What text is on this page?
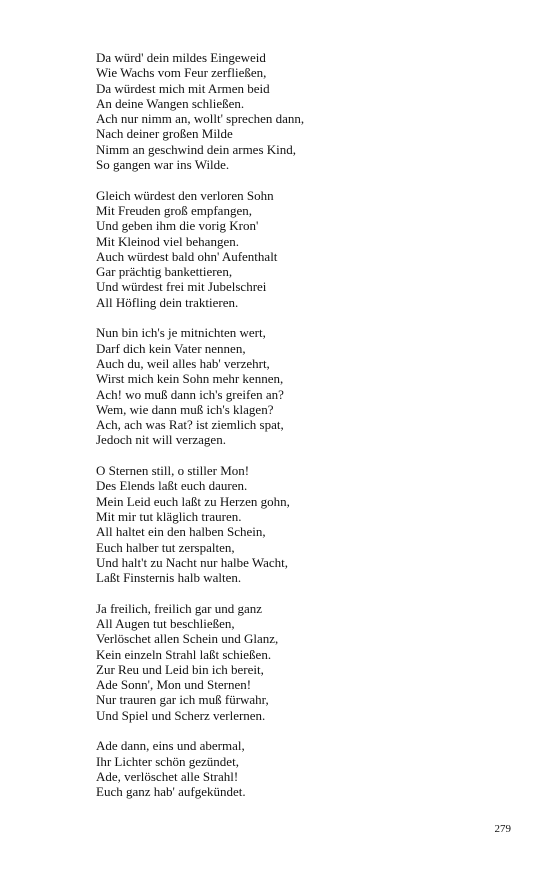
Da würd' dein mildes Eingeweid
Wie Wachs vom Feur zerfließen,
Da würdest mich mit Armen beid
An deine Wangen schließen.
Ach nur nimm an, wollt' sprechen dann,
Nach deiner großen Milde
Nimm an geschwind dein armes Kind,
So gangen war ins Wilde.
Gleich würdest den verloren Sohn
Mit Freuden groß empfangen,
Und geben ihm die vorig Kron'
Mit Kleinod viel behangen.
Auch würdest bald ohn' Aufenthalt
Gar prächtig bankettieren,
Und würdest frei mit Jubelschrei
All Höfling dein traktieren.
Nun bin ich's je mitnichten wert,
Darf dich kein Vater nennen,
Auch du, weil alles hab' verzehrt,
Wirst mich kein Sohn mehr kennen,
Ach! wo muß dann ich's greifen an?
Wem, wie dann muß ich's klagen?
Ach, ach was Rat? ist ziemlich spat,
Jedoch nit will verzagen.
O Sternen still, o stiller Mon!
Des Elends laßt euch dauren.
Mein Leid euch laßt zu Herzen gohn,
Mit mir tut kläglich trauren.
All haltet ein den halben Schein,
Euch halber tut zerspalten,
Und halt't zu Nacht nur halbe Wacht,
Laßt Finsternis halb walten.
Ja freilich, freilich gar und ganz
All Augen tut beschließen,
Verlöschet allen Schein und Glanz,
Kein einzeln Strahl laßt schießen.
Zur Reu und Leid bin ich bereit,
Ade Sonn', Mon und Sternen!
Nur trauren gar ich muß fürwahr,
Und Spiel und Scherz verlernen.
Ade dann, eins und abermal,
Ihr Lichter schön gezündet,
Ade, verlöschet alle Strahl!
Euch ganz hab' aufgekündet.
279
